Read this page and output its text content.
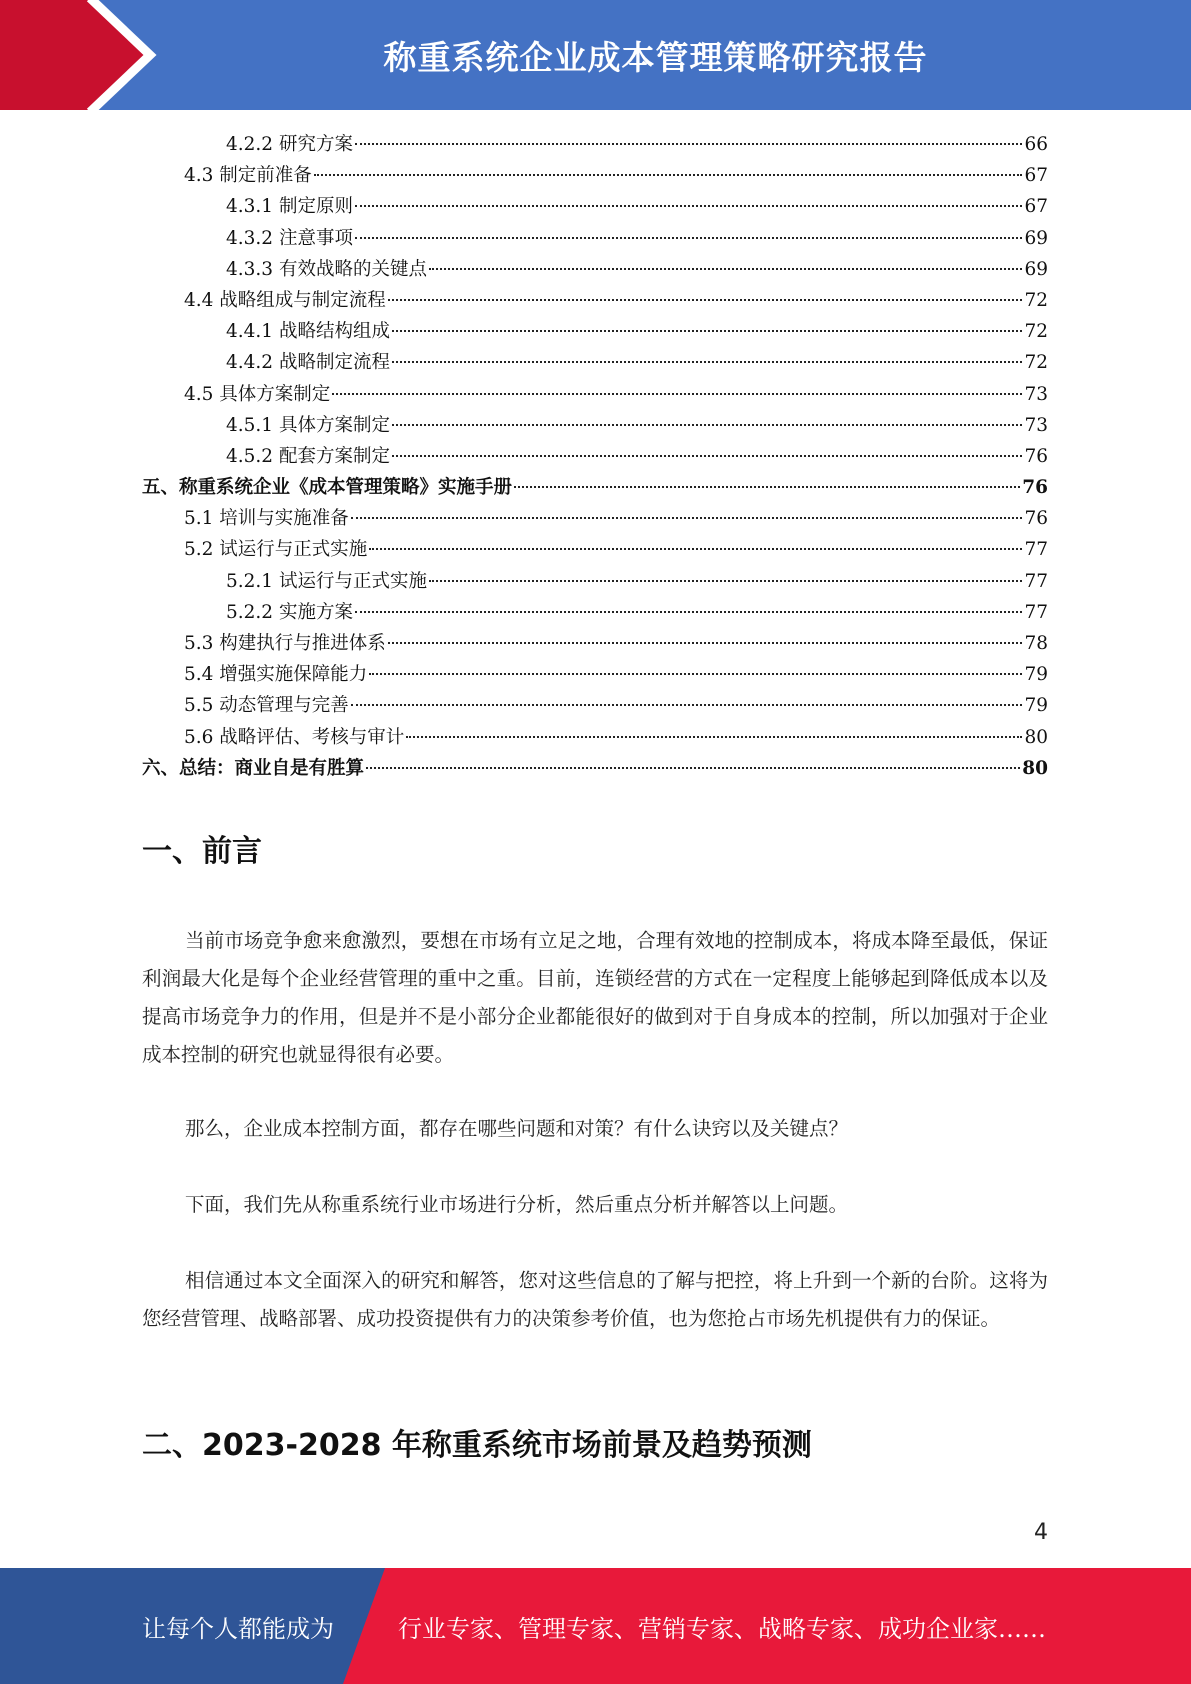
称重系统企业成本管理策略研究报告
4.2.2 研究方案	66
4.3 制定前准备	67
4.3.1 制定原则	67
4.3.2 注意事项	69
4.3.3 有效战略的关键点	69
4.4 战略组成与制定流程	72
4.4.1 战略结构组成	72
4.4.2 战略制定流程	72
4.5 具体方案制定	73
4.5.1 具体方案制定	73
4.5.2 配套方案制定	76
五、称重系统企业《成本管理策略》实施手册	76
5.1 培训与实施准备	76
5.2 试运行与正式实施	77
5.2.1 试运行与正式实施	77
5.2.2 实施方案	77
5.3 构建执行与推进体系	78
5.4 增强实施保障能力	79
5.5 动态管理与完善	79
5.6 战略评估、考核与审计	80
六、总结：商业自是有胜算	80
一、前言
当前市场竞争愈来愈激烈，要想在市场有立足之地，合理有效地的控制成本，将成本降至最低，保证利润最大化是每个企业经营管理的重中之重。目前，连锁经营的方式在一定程度上能够起到降低成本以及提高市场竞争力的作用，但是并不是小部分企业都能很好的做到对于自身成本的控制，所以加强对于企业成本控制的研究也就显得很有必要。
那么，企业成本控制方面，都存在哪些问题和对策？有什么诀窍以及关键点？
下面，我们先从称重系统行业市场进行分析，然后重点分析并解答以上问题。
相信通过本文全面深入的研究和解答，您对这些信息的了解与把控，将上升到一个新的台阶。这将为您经营管理、战略部署、成功投资提供有力的决策参考价值，也为您抢占市场先机提供有力的保证。
二、2023-2028 年称重系统市场前景及趋势预测
4
让每个人都能成为	行业专家、管理专家、营销专家、战略专家、成功企业家……
